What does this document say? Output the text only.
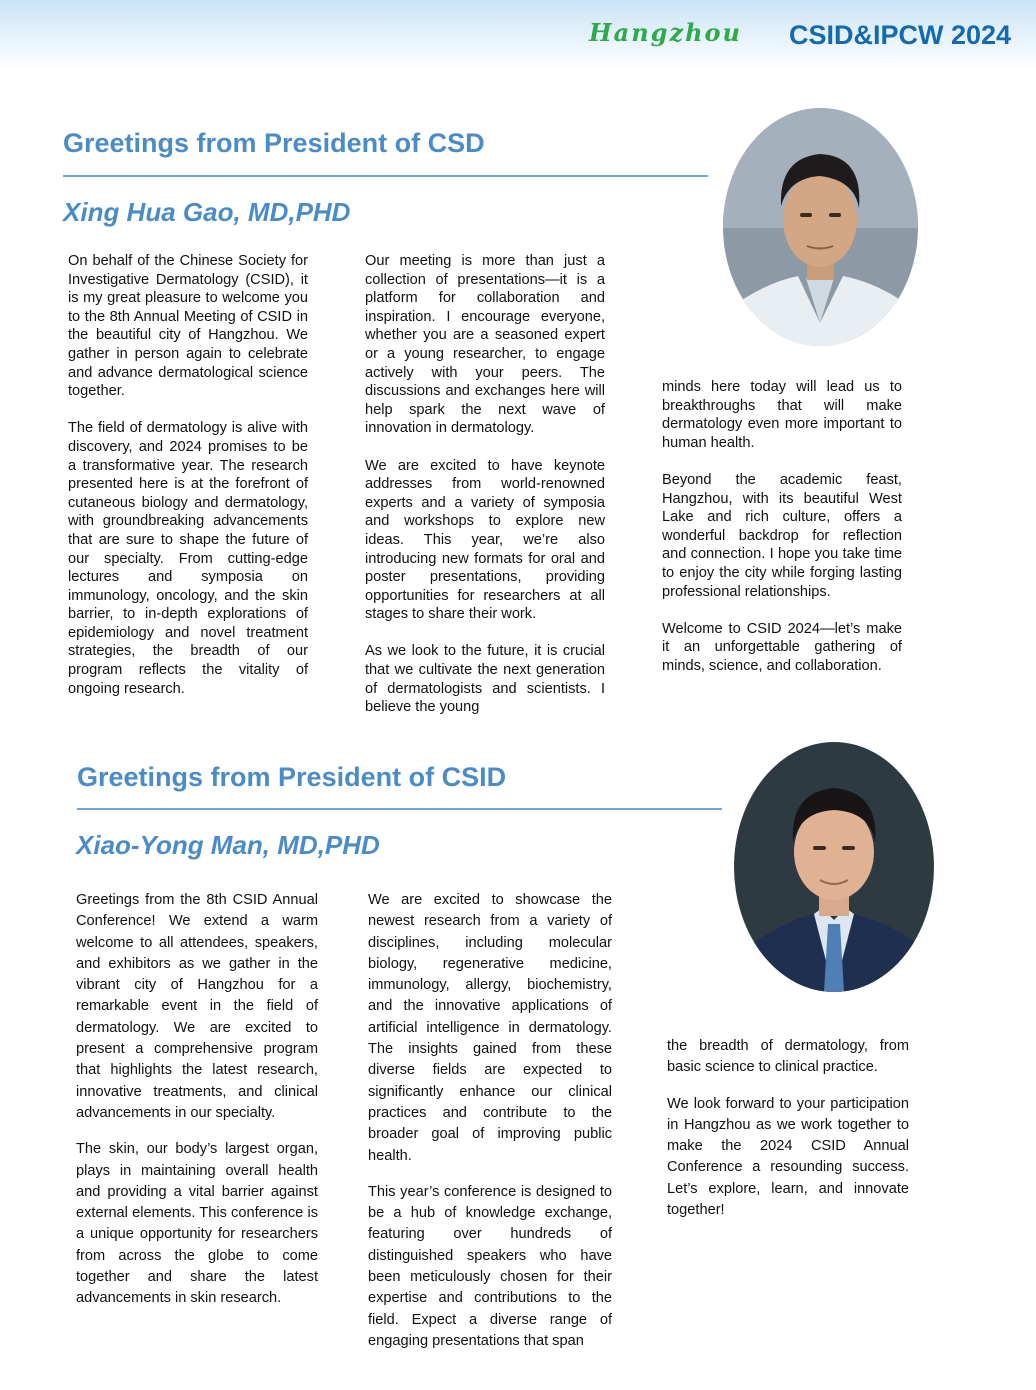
Hangzhou CSID&IPCW 2024
Greetings from President of CSD
Xing Hua Gao, MD,PHD

On behalf of the Chinese Society for Investigative Dermatology (CSID), it is my great pleasure to welcome you to the 8th Annual Meeting of CSID in the beautiful city of Hangzhou. We gather in person again to celebrate and advance dermatological science together.

The field of dermatology is alive with discovery, and 2024 promises to be a transformative year. The research presented here is at the forefront of cutaneous biology and dermatology, with groundbreaking advancements that are sure to shape the future of our specialty. From cutting-edge lectures and symposia on immunology, oncology, and the skin barrier, to in-depth explorations of epidemiology and novel treatment strategies, the breadth of our program reflects the vitality of ongoing research.

Our meeting is more than just a collection of presentations—it is a platform for collaboration and inspiration. I encourage everyone, whether you are a seasoned expert or a young researcher, to engage actively with your peers. The discussions and exchanges here will help spark the next wave of innovation in dermatology.

We are excited to have keynote addresses from world-renowned experts and a variety of symposia and workshops to explore new ideas. This year, we’re also introducing new formats for oral and poster presentations, providing opportunities for researchers at all stages to share their work.

As we look to the future, it is crucial that we cultivate the next generation of dermatologists and scientists. I believe the young

minds here today will lead us to breakthroughs that will make dermatology even more important to human health.

Beyond the academic feast, Hangzhou, with its beautiful West Lake and rich culture, offers a wonderful backdrop for reflection and connection. I hope you take time to enjoy the city while forging lasting professional relationships.

Welcome to CSID 2024—let’s make it an unforgettable gathering of minds, science, and collaboration.

Greetings from President of CSID
Xiao-Yong Man, MD,PHD

Greetings from the 8th CSID Annual Conference! We extend a warm welcome to all attendees, speakers, and exhibitors as we gather in the vibrant city of Hangzhou for a remarkable event in the field of dermatology. We are excited to present a comprehensive program that highlights the latest research, innovative treatments, and clinical advancements in our specialty.

The skin, our body’s largest organ, plays in maintaining overall health and providing a vital barrier against external elements. This conference is a unique opportunity for researchers from across the globe to come together and share the latest advancements in skin research.

We are excited to showcase the newest research from a variety of disciplines, including molecular biology, regenerative medicine, immunology, allergy, biochemistry, and the innovative applications of artificial intelligence in dermatology. The insights gained from these diverse fields are expected to significantly enhance our clinical practices and contribute to the broader goal of improving public health.

This year’s conference is designed to be a hub of knowledge exchange, featuring over hundreds of distinguished speakers who have been meticulously chosen for their expertise and contributions to the field. Expect a diverse range of engaging presentations that span

the breadth of dermatology, from basic science to clinical practice.

We look forward to your participation in Hangzhou as we work together to make the 2024 CSID Annual Conference a resounding success. Let’s explore, learn, and innovate together!
